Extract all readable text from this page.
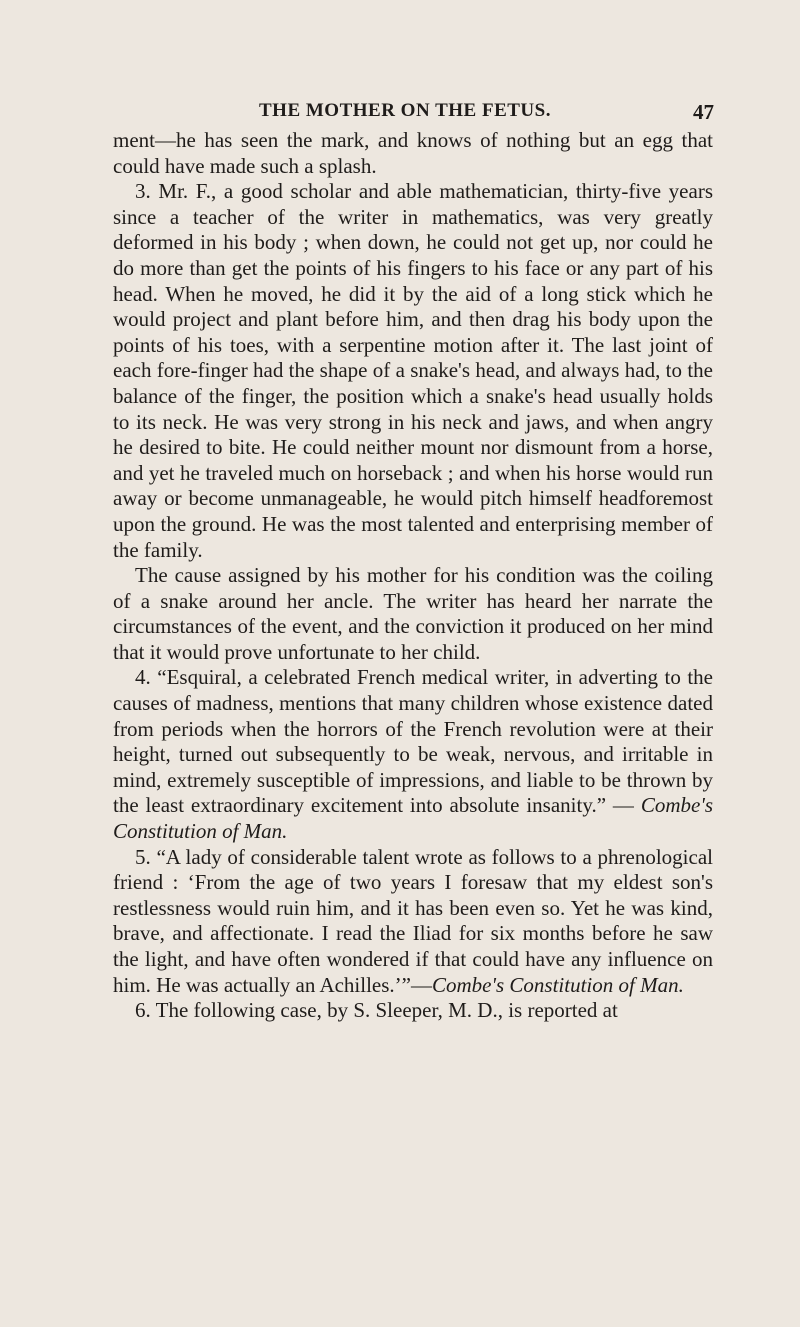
THE MOTHER ON THE FETUS.	47

ment—he has seen the mark, and knows of nothing but an egg that could have made such a splash.

3. Mr. F., a good scholar and able mathematician, thirty-five years since a teacher of the writer in mathematics, was very greatly deformed in his body ; when down, he could not get up, nor could he do more than get the points of his fingers to his face or any part of his head. When he moved, he did it by the aid of a long stick which he would project and plant before him, and then drag his body upon the points of his toes, with a serpentine motion after it. The last joint of each fore-finger had the shape of a snake's head, and always had, to the balance of the finger, the position which a snake's head usually holds to its neck. He was very strong in his neck and jaws, and when angry he desired to bite. He could neither mount nor dismount from a horse, and yet he traveled much on horseback ; and when his horse would run away or become unmanageable, he would pitch himself headforemost upon the ground. He was the most talented and enterprising member of the family.

The cause assigned by his mother for his condition was the coiling of a snake around her ancle. The writer has heard her narrate the circumstances of the event, and the conviction it produced on her mind that it would prove unfortunate to her child.

4. “Esquiral, a celebrated French medical writer, in adverting to the causes of madness, mentions that many children whose existence dated from periods when the horrors of the French revolution were at their height, turned out subsequently to be weak, nervous, and irritable in mind, extremely susceptible of impressions, and liable to be thrown by the least extraordinary excitement into absolute insanity.” — Combe's Constitution of Man.

5. “A lady of considerable talent wrote as follows to a phrenological friend : ‘From the age of two years I foresaw that my eldest son's restlessness would ruin him, and it has been even so. Yet he was kind, brave, and affectionate. I read the Iliad for six months before he saw the light, and have often wondered if that could have any influence on him. He was actually an Achilles.’”—Combe's Constitution of Man.

6. The following case, by S. Sleeper, M. D., is reported at
